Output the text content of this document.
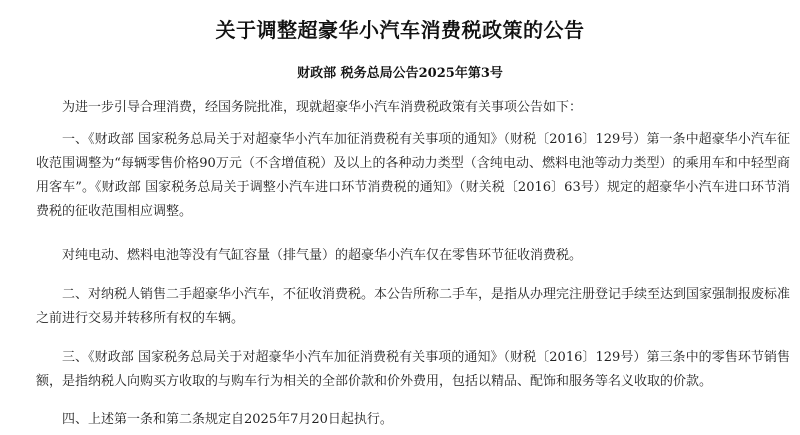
关于调整超豪华小汽车消费税政策的公告
财政部 税务总局公告2025年第3号

为进一步引导合理消费，经国务院批准，现就超豪华小汽车消费税政策有关事项公告如下：

一、《财政部 国家税务总局关于对超豪华小汽车加征消费税有关事项的通知》（财税〔2016〕129号）第一条中超豪华小汽车征收范围调整为“每辆零售价格90万元（不含增值税）及以上的各种动力类型（含纯电动、燃料电池等动力类型）的乘用车和中轻型商用客车”。《财政部 国家税务总局关于调整小汽车进口环节消费税的通知》（财关税〔2016〕63号）规定的超豪华小汽车进口环节消费税的征收范围相应调整。

对纯电动、燃料电池等没有气缸容量（排气量）的超豪华小汽车仅在零售环节征收消费税。

二、对纳税人销售二手超豪华小汽车，不征收消费税。本公告所称二手车，是指从办理完注册登记手续至达到国家强制报废标准之前进行交易并转移所有权的车辆。

三、《财政部 国家税务总局关于对超豪华小汽车加征消费税有关事项的通知》（财税〔2016〕129号）第三条中的零售环节销售额，是指纳税人向购买方收取的与购车行为相关的全部价款和价外费用，包括以精品、配饰和服务等名义收取的价款。

四、上述第一条和第二条规定自2025年7月20日起执行。
